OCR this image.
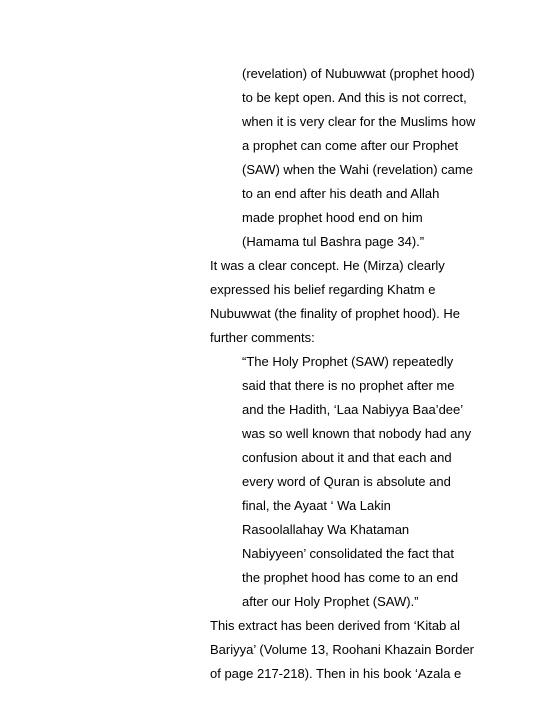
(revelation) of Nubuwwat (prophet hood)

to be kept open. And this is not correct,

when it is very clear for the Muslims how

a prophet can come after our Prophet

(SAW) when the Wahi (revelation) came

to an end after his death and Allah

made prophet hood end on him

(Hamama tul Bashra page 34).”

It was a clear concept. He (Mirza) clearly

expressed his belief regarding Khatm e

Nubuwwat (the finality of prophet hood). He

further comments:

“The Holy Prophet (SAW) repeatedly

said that there is no prophet after me

and the Hadith, ‘Laa Nabiyya Baa’dee’

was so well known that nobody had any

confusion about it and that each and

every word of Quran is absolute and

final, the Ayaat ‘ Wa Lakin

Rasoolallahay Wa Khataman

Nabiyyeen’ consolidated the fact that

the prophet hood has come to an end

after our Holy Prophet (SAW).”

This extract has been derived from ‘Kitab al

Bariyya’ (Volume 13, Roohani Khazain Border

of page 217-218). Then in his book ‘Azala e
